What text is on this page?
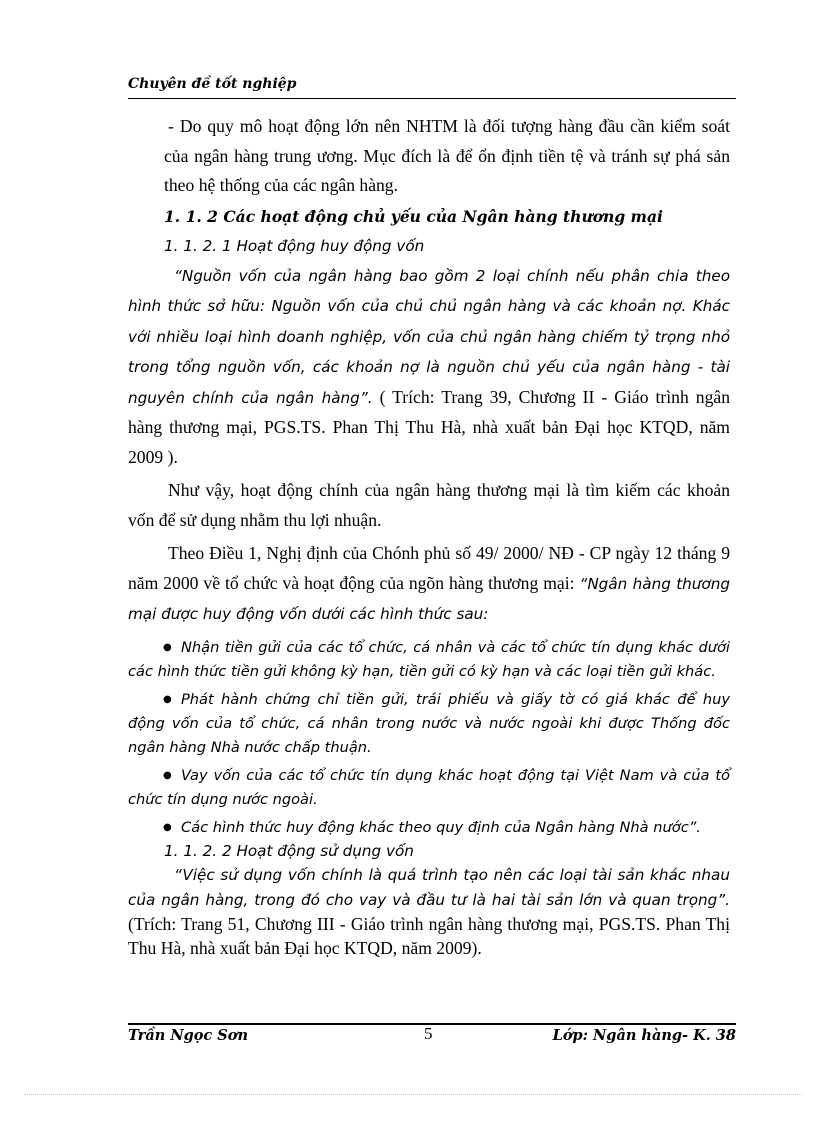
Chuyên đề tốt nghiệp

- Do quy mô hoạt động lớn nên NHTM là đối tượng hàng đầu cần kiểm soát của ngân hàng trung ương. Mục đích là để ổn định tiền tệ và tránh sự phá sản theo hệ thống của các ngân hàng.

1. 1. 2 Các hoạt động chủ yếu của Ngân hàng thương mại

1. 1. 2. 1 Hoạt động huy động vốn

“Nguồn vốn của ngân hàng bao gồm 2 loại chính nếu phân chia theo hình thức sở hữu: Nguồn vốn của chủ chủ ngân hàng và các khoản nợ. Khác với nhiều loại hình doanh nghiệp, vốn của chủ ngân hàng chiếm tỷ trọng nhỏ trong tổng nguồn vốn, các khoản nợ là nguồn chủ yếu của ngân hàng - tài nguyên chính của ngân hàng”. ( Trích: Trang 39, Chương II - Giáo trình ngân hàng thương mại, PGS.TS. Phan Thị Thu Hà, nhà xuất bản Đại học KTQD, năm 2009 ).

Như vậy, hoạt động chính của ngân hàng thương mại là tìm kiếm các khoản vốn để sử dụng nhằm thu lợi nhuận.

Theo Điều 1, Nghị định của Chónh phủ số 49/ 2000/ NĐ - CP ngày 12 tháng 9 năm 2000 về tổ chức và hoạt động của ngõn hàng thương mại: “Ngân hàng thương mại được huy động vốn dưới các hình thức sau:

● Nhận tiền gửi của các tổ chức, cá nhân và các tổ chức tín dụng khác dưới các hình thức tiền gửi không kỳ hạn, tiền gửi có kỳ hạn và các loại tiền gửi khác.

● Phát hành chứng chỉ tiền gửi, trái phiếu và giấy tờ có giá khác để huy động vốn của tổ chức, cá nhân trong nước và nước ngoài khi được Thống đốc ngân hàng Nhà nước chấp thuận.

● Vay vốn của các tổ chức tín dụng khác hoạt động tại Việt Nam và của tổ chức tín dụng nước ngoài.

● Các hình thức huy động khác theo quy định của Ngân hàng Nhà nước”.

1. 1. 2. 2 Hoạt động sử dụng vốn

“Việc sử dụng vốn chính là quá trình tạo nên các loại tài sản khác nhau của ngân hàng, trong đó cho vay và đầu tư là hai tài sản lớn và quan trọng”.(Trích: Trang 51, Chương III - Giáo trình ngân hàng thương mại, PGS.TS. Phan Thị Thu Hà, nhà xuất bản Đại học KTQD, năm 2009).

Trần Ngọc Sơn	5	Lớp: Ngân hàng- K. 38
